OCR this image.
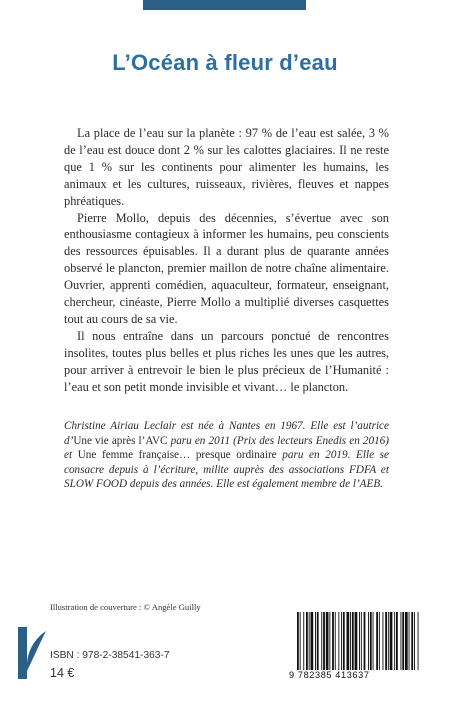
L’Océan à fleur d’eau

La place de l’eau sur la planète : 97 % de l’eau est salée, 3 % de l’eau est douce dont 2 % sur les calottes glaciaires. Il ne reste que 1 % sur les continents pour alimenter les humains, les animaux et les cultures, ruisseaux, rivières, fleuves et nappes phréatiques.

Pierre Mollo, depuis des décennies, s’évertue avec son enthousiasme contagieux à informer les humains, peu conscients des ressources épuisables. Il a durant plus de quarante années observé le plancton, premier maillon de notre chaîne alimentaire. Ouvrier, apprenti comédien, aquaculteur, formateur, enseignant, chercheur, cinéaste, Pierre Mollo a multiplié diverses casquettes tout au cours de sa vie.

Il nous entraîne dans un parcours ponctué de rencontres insolites, toutes plus belles et plus riches les unes que les autres, pour arriver à entrevoir le bien le plus précieux de l’Humanité : l’eau et son petit monde invisible et vivant… le plancton.

Christine Airiau Leclair est née à Nantes en 1967. Elle est l’autrice d’Une vie après l’AVC paru en 2011 (Prix des lecteurs Enedis en 2016) et Une femme française… presque ordinaire paru en 2019. Elle se consacre depuis à l’écriture, milite auprès des associations FDFA et SLOW FOOD depuis des années. Elle est également membre de l’AEB.
Illustration de couverture : © Angèle Guilly
ISBN : 978-2-38541-363-7
14 €	9 782385 413637
